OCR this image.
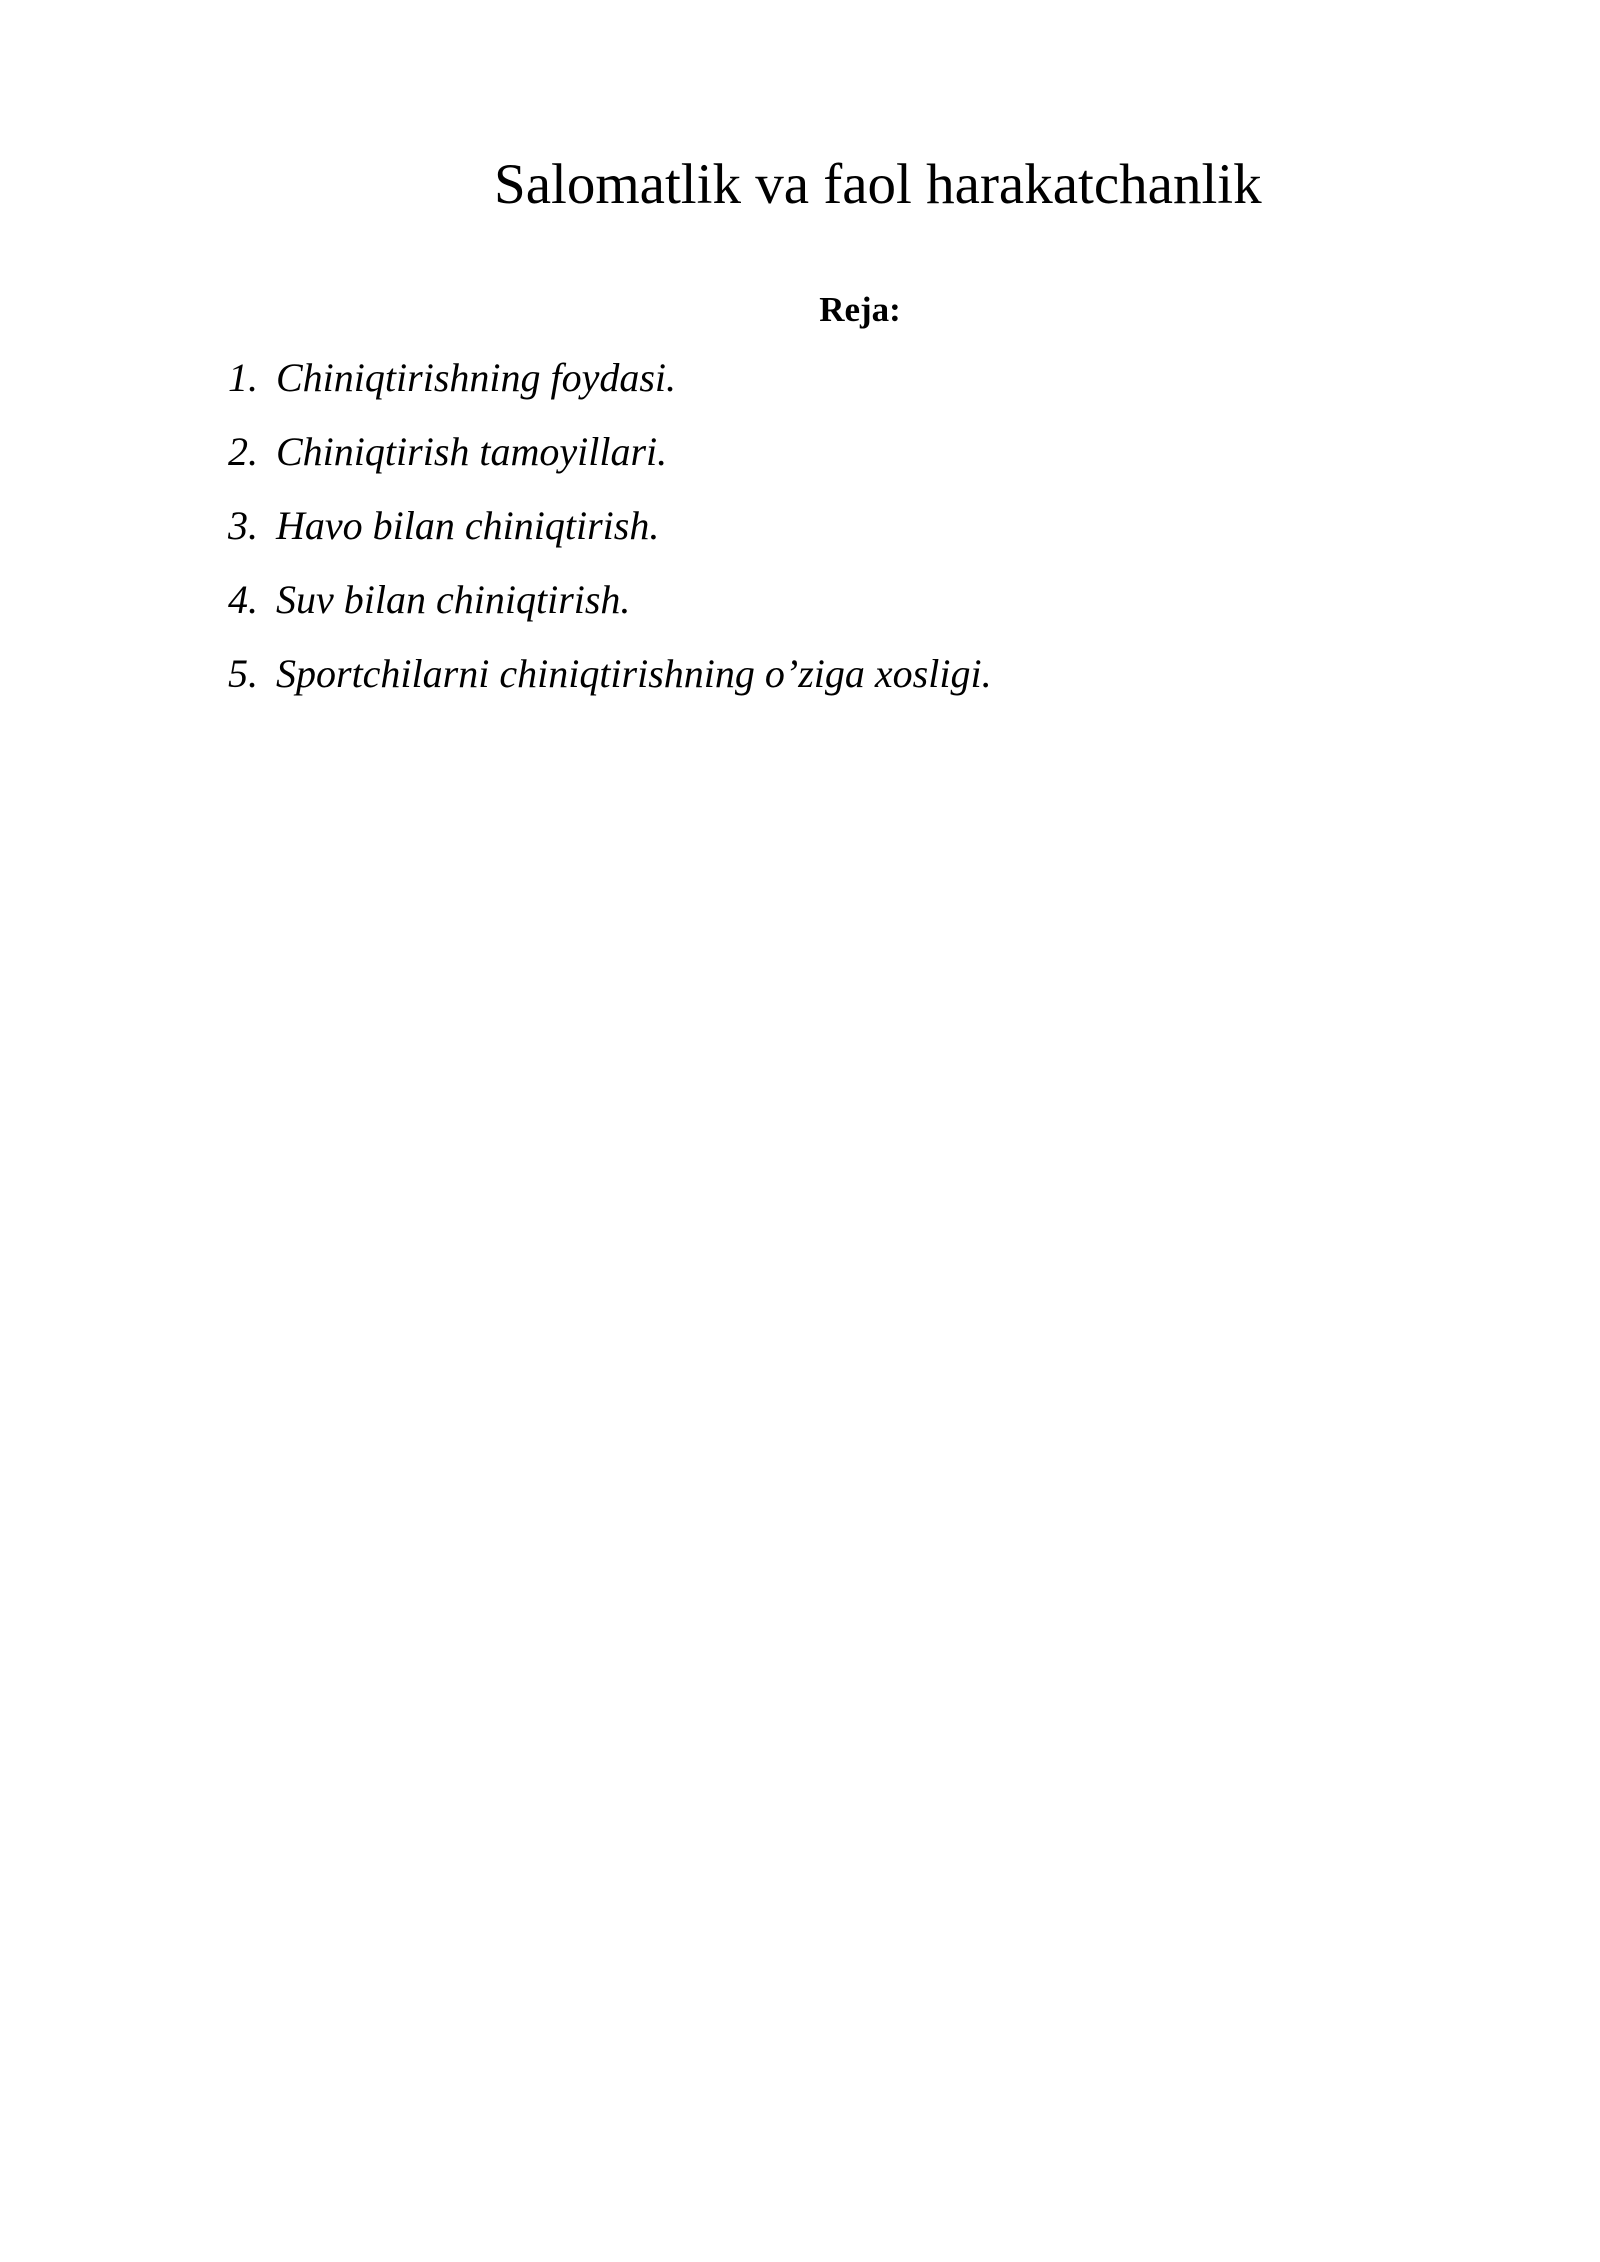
Salomatlik va faol harakatchanlik
Reja:
1. Chiniqtirishning foydasi.
2. Chiniqtirish tamoyillari.
3. Havo bilan chiniqtirish.
4. Suv bilan chiniqtirish.
5. Sportchilarni chiniqtirishning o’ziga xosligi.
